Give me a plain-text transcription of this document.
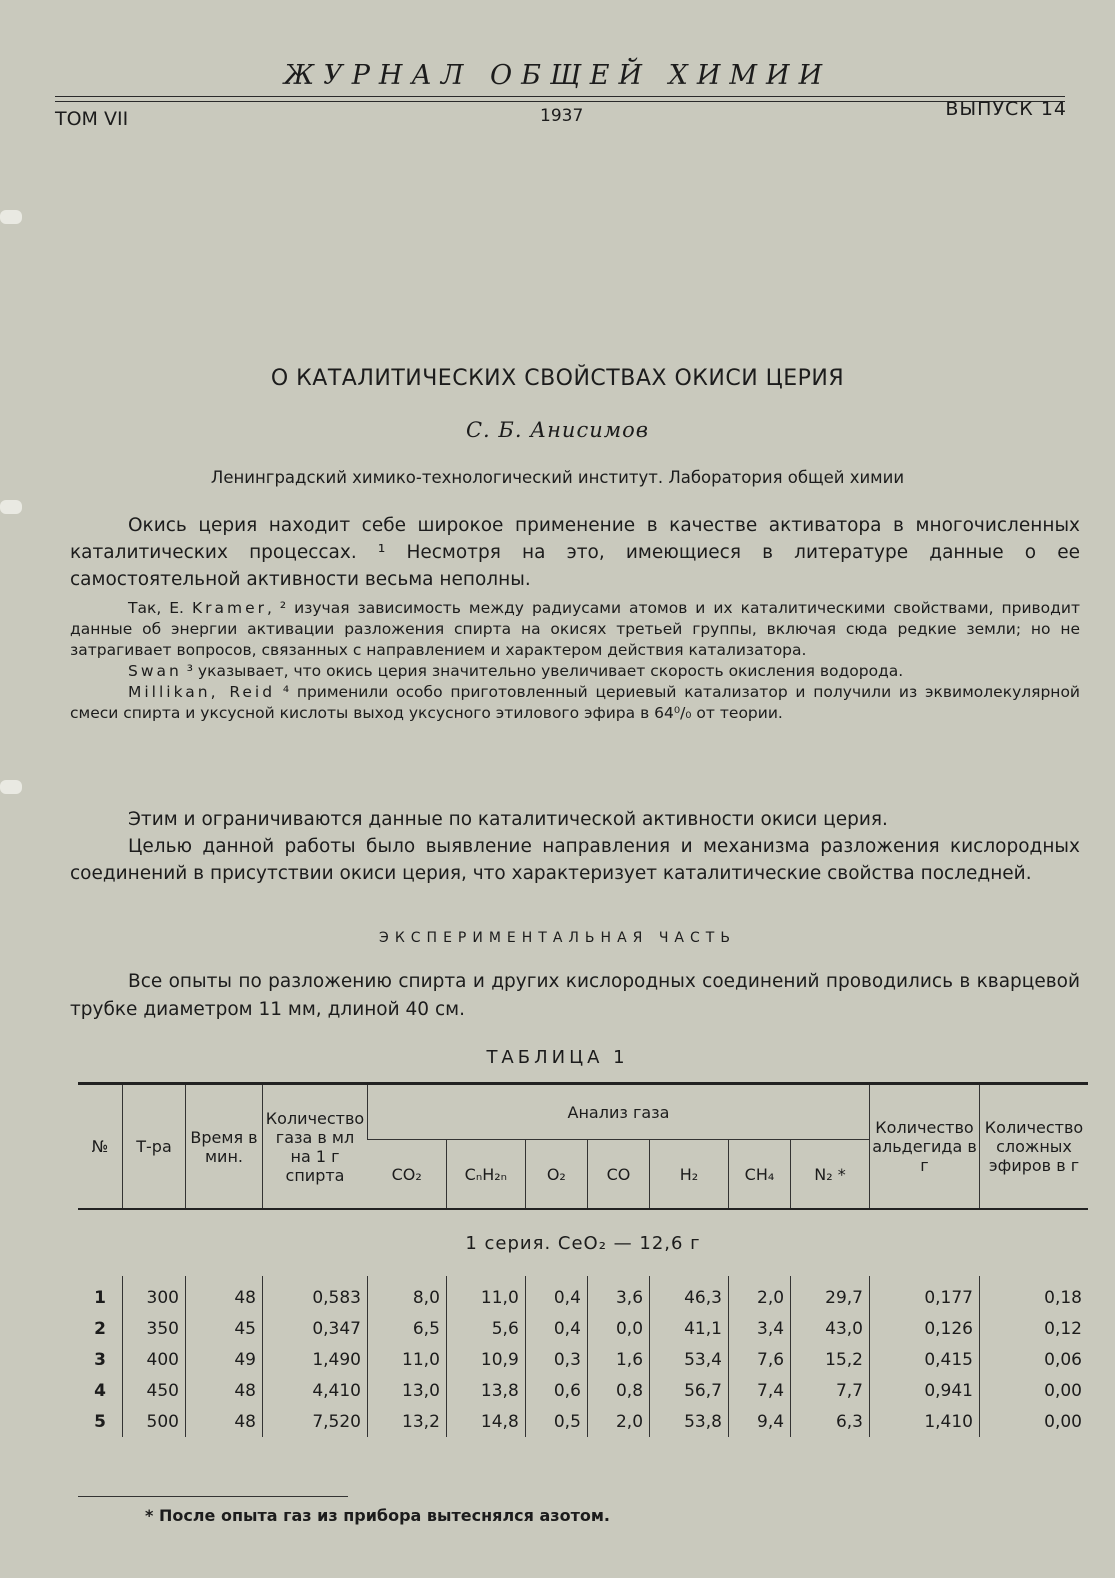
ЖУРНАЛ ОБЩЕЙ ХИМИИ
ТОМ VII	1937	ВЫПУСК 14
О КАТАЛИТИЧЕСКИХ СВОЙСТВАХ ОКИСИ ЦЕРИЯ
С. Б. Анисимов
Ленинградский химико-технологический институт. Лаборатория общей химии

Окись церия находит себе широкое применение в качестве активатора в многочисленных каталитических процессах. ¹ Несмотря на это, имеющиеся в литературе данные о ее самостоятельной активности весьма неполны.

Так, Е. Kramer, ² изучая зависимость между радиусами атомов и их каталитическими свойствами, приводит данные об энергии активации разложения спирта на окисях третьей группы, включая сюда редкие земли; но не затрагивает вопросов, связанных с направлением и характером действия катализатора.

Swan ³ указывает, что окись церия значительно увеличивает скорость окисления водорода.

Millikan, Reid ⁴ применили особо приготовленный цериевый катализатор и получили из эквимолекулярной смеси спирта и уксусной кислоты выход уксусного этилового эфира в 64⁰/₀ от теории.

Этим и ограничиваются данные по каталитической активности окиси церия.

Целью данной работы было выявление направления и механизма разложения кислородных соединений в присутствии окиси церия, что характеризует каталитические свойства последней.

ЭКСПЕРИМЕНТАЛЬНАЯ ЧАСТЬ

Все опыты по разложению спирта и других кислородных соединений проводились в кварцевой трубке диаметром 11 мм, длиной 40 см.

ТАБЛИЦА 1
№	Т-ра	Время в мин.	Количество газа в мл на 1 г спирта	Анализ газа							Количество альдегида в г	Количество сложных эфиров в г
				CO₂	CₙH₂ₙ	O₂	CO	H₂	CH₄	N₂ *		
1 серия. CeO₂ — 12,6 г												
1	300	48	0,583	8,0	11,0	0,4	3,6	46,3	2,0	29,7	0,177	0,18
2	350	45	0,347	6,5	5,6	0,4	0,0	41,1	3,4	43,0	0,126	0,12
3	400	49	1,490	11,0	10,9	0,3	1,6	53,4	7,6	15,2	0,415	0,06
4	450	48	4,410	13,0	13,8	0,6	0,8	56,7	7,4	7,7	0,941	0,00
5	500	48	7,520	13,2	14,8	0,5	2,0	53,8	9,4	6,3	1,410	0,00
* После опыта газ из прибора вытеснялся азотом.
